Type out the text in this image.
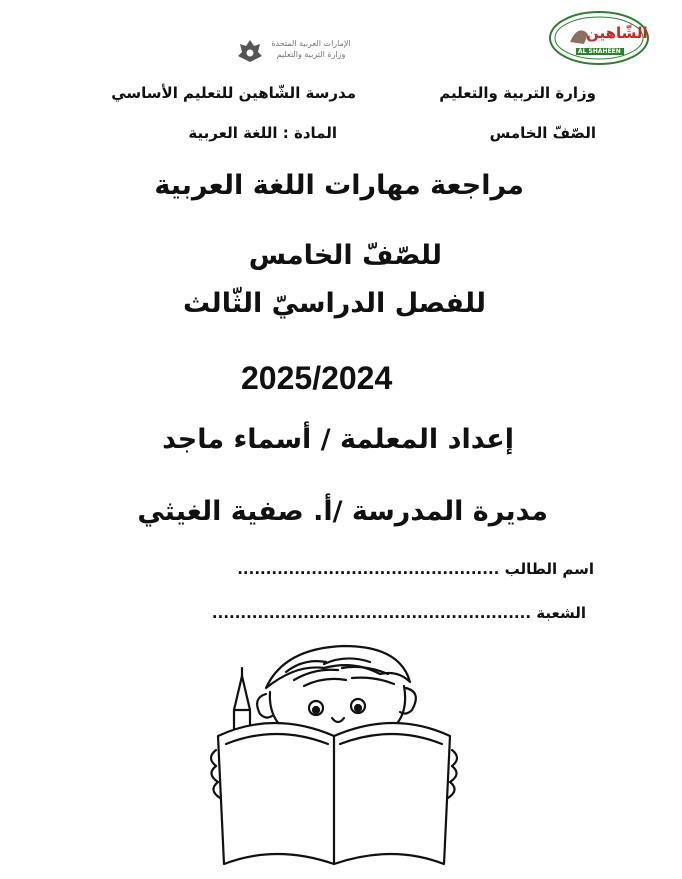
الشّاهين
AL SHAHEEN
الإمارات العربية المتحدة
وزارة التربية والتعليم
وزارة التربية والتعليم
مدرسة الشّاهين للتعليم الأساسي
الصّفّ الخامس
المادة : اللغة العربية
مراجعة مهارات اللغة العربية
للصّفّ الخامس
للفصل الدراسيّ الثّالث
2025/2024
إعداد المعلمة / أسماء ماجد
مديرة المدرسة /أ. صفية الغيثي
اسم الطالب ..............................................
الشعبة ........................................................
